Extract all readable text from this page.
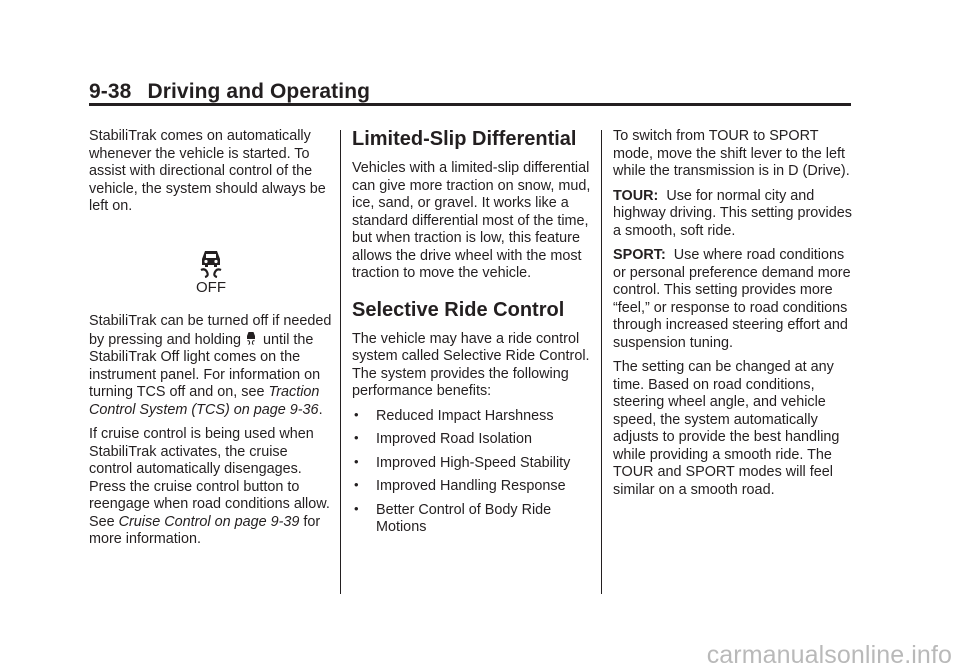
9-38 Driving and Operating

StabiliTrak comes on automatically whenever the vehicle is started. To assist with directional control of the vehicle, the system should always be left on.

OFF

StabiliTrak can be turned off if needed by pressing and holding until the StabiliTrak Off light comes on the instrument panel. For information on turning TCS off and on, see Traction Control System (TCS) on page 9-36.

If cruise control is being used when StabiliTrak activates, the cruise control automatically disengages. Press the cruise control button to reengage when road conditions allow. See Cruise Control on page 9-39 for more information.

Limited-Slip Differential

Vehicles with a limited-slip differential can give more traction on snow, mud, ice, sand, or gravel. It works like a standard differential most of the time, but when traction is low, this feature allows the drive wheel with the most traction to move the vehicle.

Selective Ride Control

The vehicle may have a ride control system called Selective Ride Control. The system provides the following performance benefits:

• Reduced Impact Harshness
• Improved Road Isolation
• Improved High-Speed Stability
• Improved Handling Response
• Better Control of Body Ride Motions

To switch from TOUR to SPORT mode, move the shift lever to the left while the transmission is in D (Drive).

TOUR: Use for normal city and highway driving. This setting provides a smooth, soft ride.

SPORT: Use where road conditions or personal preference demand more control. This setting provides more “feel,” or response to road conditions through increased steering effort and suspension tuning.

The setting can be changed at any time. Based on road conditions, steering wheel angle, and vehicle speed, the system automatically adjusts to provide the best handling while providing a smooth ride. The TOUR and SPORT modes will feel similar on a smooth road.

carmanualsonline.info
